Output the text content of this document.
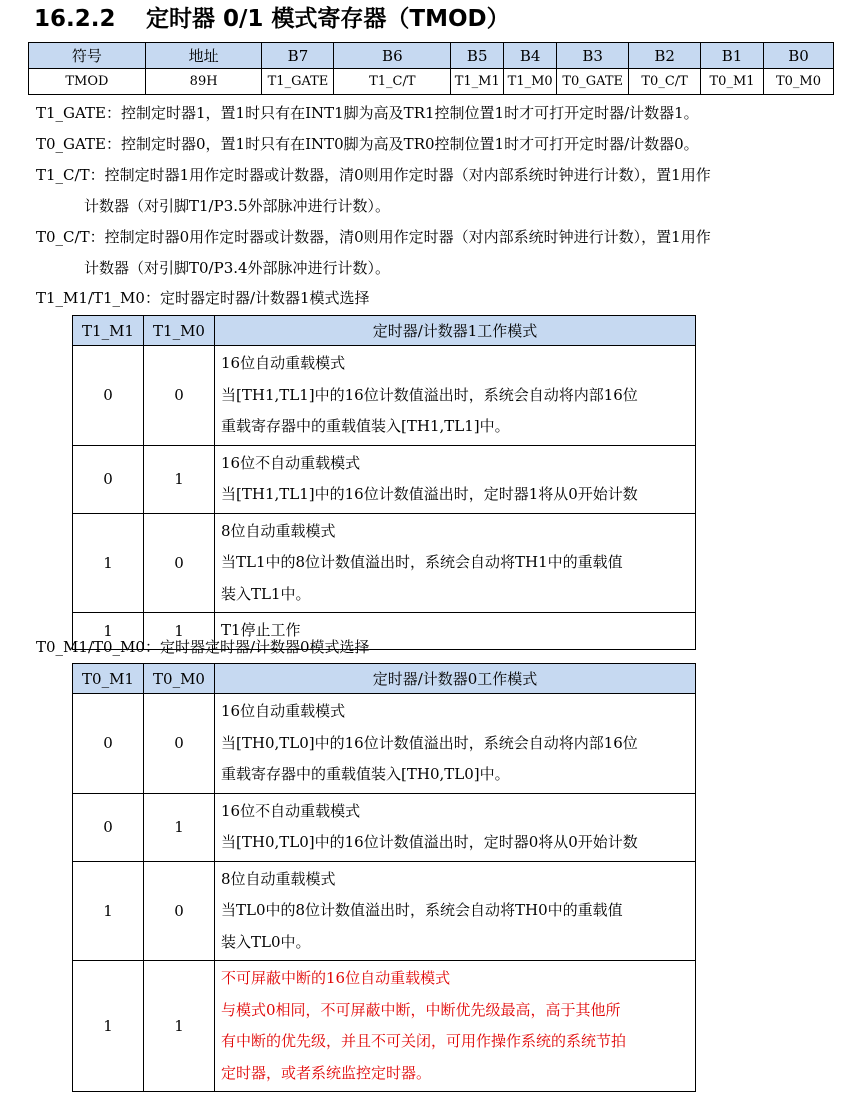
16.2.2 定时器 0/1 模式寄存器（TMOD）
符号	地址	B7	B6	B5	B4	B3	B2	B1	B0
TMOD	89H	T1_GATE	T1_C/T	T1_M1	T1_M0	T0_GATE	T0_C/T	T0_M1	T0_M0
T1_GATE：控制定时器1，置1时只有在INT1脚为高及TR1控制位置1时才可打开定时器/计数器1。
T0_GATE：控制定时器0，置1时只有在INT0脚为高及TR0控制位置1时才可打开定时器/计数器0。
T1_C/T：控制定时器1用作定时器或计数器，清0则用作定时器（对内部系统时钟进行计数），置1用作
计数器（对引脚T1/P3.5外部脉冲进行计数）。
T0_C/T：控制定时器0用作定时器或计数器，清0则用作定时器（对内部系统时钟进行计数），置1用作
计数器（对引脚T0/P3.4外部脉冲进行计数）。
T1_M1/T1_M0：定时器定时器/计数器1模式选择
T1_M1	T1_M0	定时器/计数器1工作模式
0	0	16位自动重载模式
当[TH1,TL1]中的16位计数值溢出时，系统会自动将内部16位
重载寄存器中的重载值装入[TH1,TL1]中。

0	1	16位不自动重载模式
当[TH1,TL1]中的16位计数值溢出时，定时器1将从0开始计数

1	0	8位自动重载模式
当TL1中的8位计数值溢出时，系统会自动将TH1中的重载值
装入TL1中。

1	1	T1停止工作
T0_M1/T0_M0：定时器定时器/计数器0模式选择
T0_M1	T0_M0	定时器/计数器0工作模式
0	0	16位自动重载模式
当[TH0,TL0]中的16位计数值溢出时，系统会自动将内部16位
重载寄存器中的重载值装入[TH0,TL0]中。

0	1	16位不自动重载模式
当[TH0,TL0]中的16位计数值溢出时，定时器0将从0开始计数

1	0	8位自动重载模式
当TL0中的8位计数值溢出时，系统会自动将TH0中的重载值
装入TL0中。

1	1	不可屏蔽中断的16位自动重载模式
与模式0相同，不可屏蔽中断，中断优先级最高，高于其他所
有中断的优先级，并且不可关闭，可用作操作系统的系统节拍
定时器，或者系统监控定时器。
